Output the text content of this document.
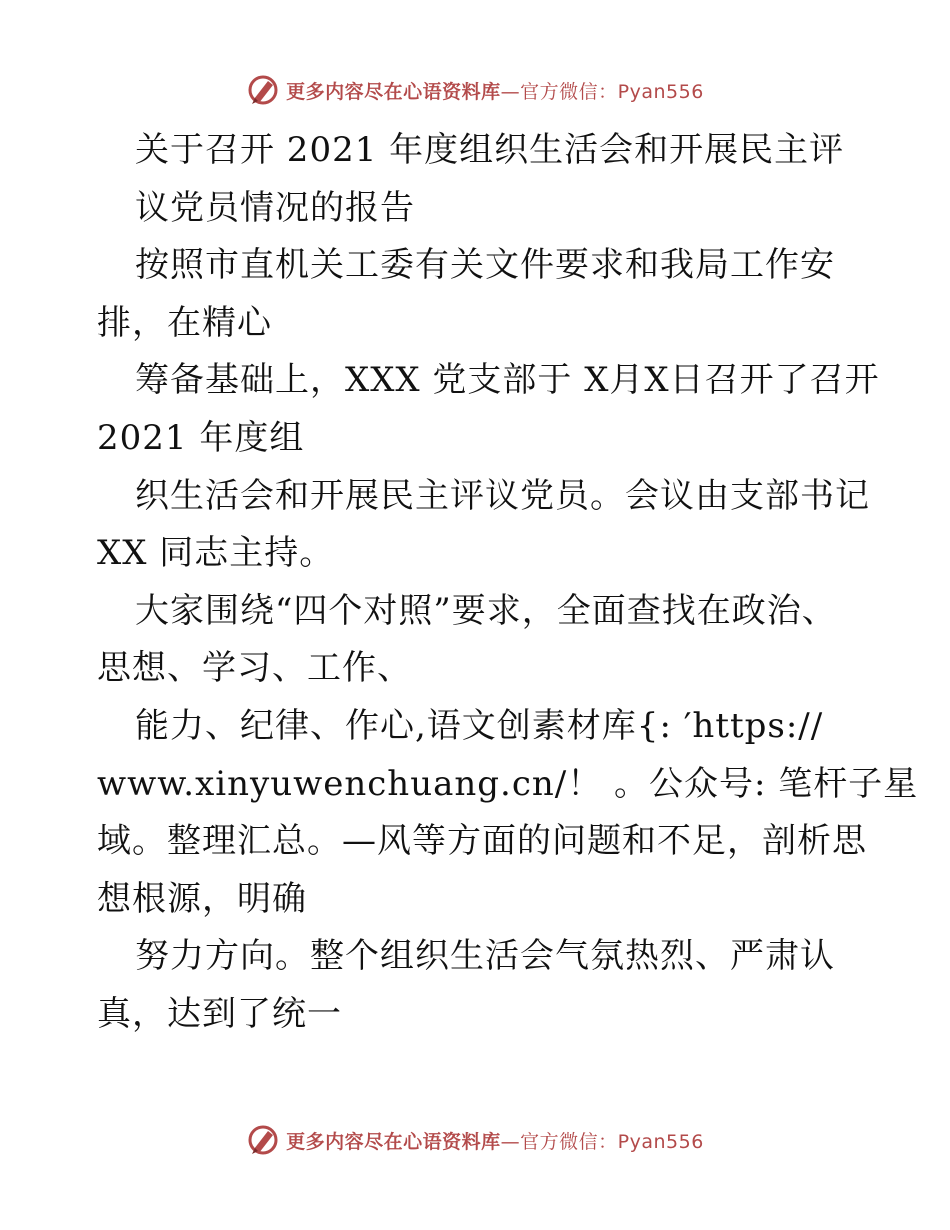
更多内容尽在心语资料库—官方微信：Pyan556
关于召开 2021 年度组织生活会和开展民主评
议党员情况的报告
按照市直机关工委有关文件要求和我局工作安
排，在精心
筹备基础上，XXX 党支部于 X月X日召开了召开
2021 年度组
织生活会和开展民主评议党员。会议由支部书记
XX 同志主持。
大家围绕“四个对照”要求，全面查找在政治、
思想、学习、工作、
能力、纪律、作心,语文创素材库{: ′https://
www.xinyuwenchuang.cn/！ 。公众号: 笔杆子星
域。整理汇总。—风等方面的问题和不足，剖析思
想根源，明确
努力方向。整个组织生活会气氛热烈、严肃认
真，达到了统一
更多内容尽在心语资料库—官方微信：Pyan556
